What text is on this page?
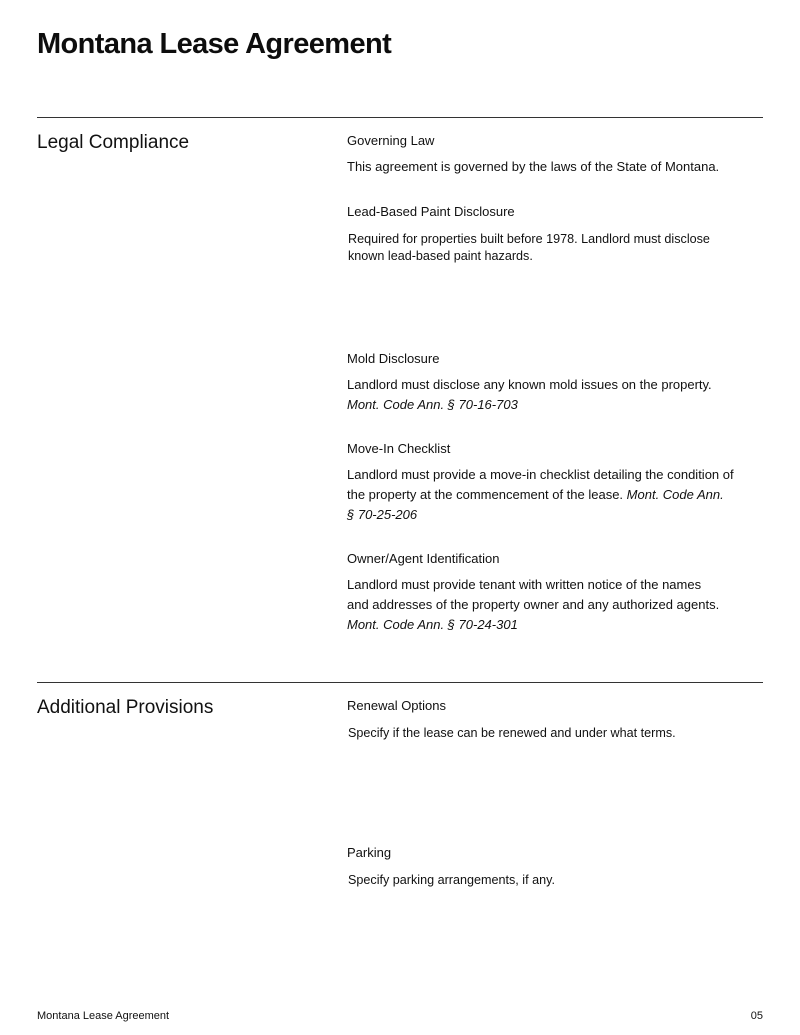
Montana Lease Agreement
Legal Compliance	Governing Law

This agreement is governed by the laws of the State of Montana.

Lead-Based Paint Disclosure

Required for properties built before 1978. Landlord must disclose
known lead-based paint hazards.

Mold Disclosure

Landlord must disclose any known mold issues on the property.
Mont. Code Ann. § 70-16-703

Move-In Checklist

Landlord must provide a move-in checklist detailing the condition of
the property at the commencement of the lease. Mont. Code Ann.
§ 70-25-206

Owner/Agent Identification

Landlord must provide tenant with written notice of the names
and addresses of the property owner and any authorized agents.
Mont. Code Ann. § 70-24-301

Additional Provisions	Renewal Options

Specify if the lease can be renewed and under what terms.

Parking

Specify parking arrangements, if any.

Montana Lease Agreement	05
